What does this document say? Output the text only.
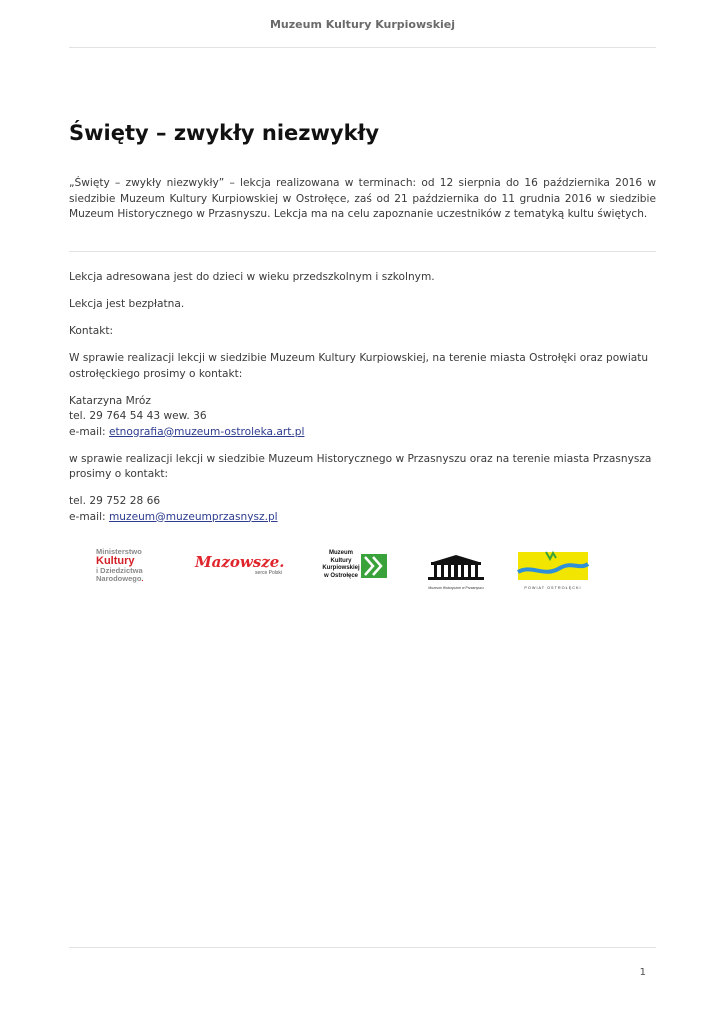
Muzeum Kultury Kurpiowskiej
Święty – zwykły niezwykły

„Święty – zwykły niezwykły” – lekcja realizowana w terminach: od 12 sierpnia do 16 października 2016 w siedzibie Muzeum Kultury Kurpiowskiej w Ostrołęce, zaś od 21 października do 11 grudnia 2016 w siedzibie Muzeum Historycznego w Przasnyszu. Lekcja ma na celu zapoznanie uczestników z tematyką kultu świętych.

Lekcja adresowana jest do dzieci w wieku przedszkolnym i szkolnym.

Lekcja jest bezpłatna.

Kontakt:

W sprawie realizacji lekcji w siedzibie Muzeum Kultury Kurpiowskiej, na terenie miasta Ostrołęki oraz powiatu ostrołęckiego prosimy o kontakt:

Katarzyna Mróz
tel. 29 764 54 43 wew. 36
e-mail: etnografia@muzeum-ostroleka.art.pl

w sprawie realizacji lekcji w siedzibie Muzeum Historycznego w Przasnyszu oraz na terenie miasta Przasnysza prosimy o kontakt:

tel. 29 752 28 66
e-mail: muzeum@muzeumprzasnysz.pl

Ministerstwo
Kultury
i Dziedzictwa
Narodowego.
Mazowsze.
serce Polski
Muzeum
Kultury
Kurpiowskiej
w Ostrołęce
Muzeum Historyczne w Przasnyszu	POWIAT OSTROŁĘCKI
1
